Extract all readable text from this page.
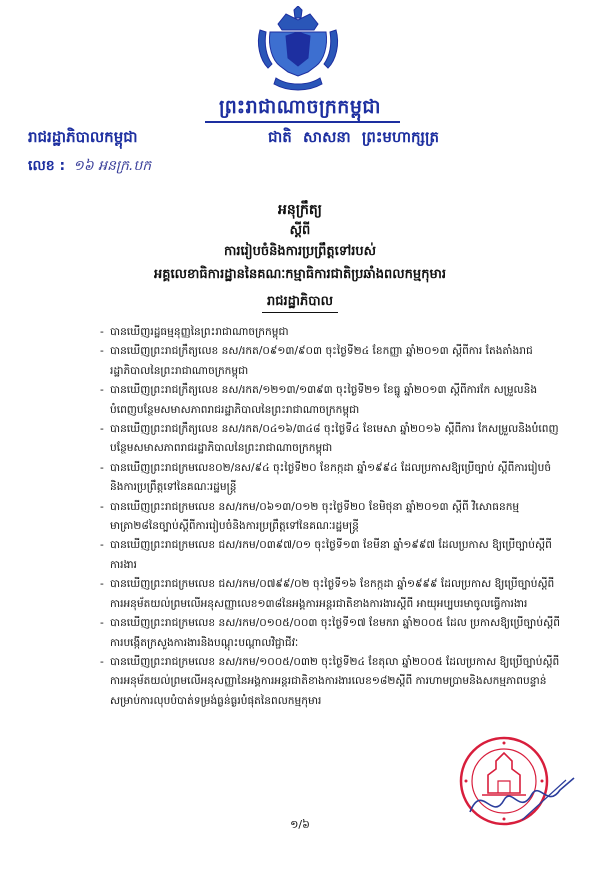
ព្រះរាជាណាចក្រកម្ពុជា
រាជរដ្ឋាភិបាលកម្ពុជា	ជាតិ សាសនា ព្រះមហាក្សត្រ
លេខ : ១៦ អនក្រ.បក
អនុក្រឹត្យ
ស្ដីពី
ការរៀបចំនិងការប្រព្រឹត្តទៅរបស់
អគ្គលេខាធិការដ្ឋាននៃគណៈកម្មាធិការជាតិប្រឆាំងពលកម្មកុមារ
រាជរដ្ឋាភិបាល
- បានឃើញរដ្ឋធម្មនុញ្ញនៃព្រះរាជាណាចក្រកម្ពុជា
- បានឃើញព្រះរាជក្រឹត្យលេខ នស/រកត/០៩១៣/៩០៣ ចុះថ្ងៃទី២៤ ខែកញ្ញា ឆ្នាំ២០១៣ ស្ដីពីការ តែងតាំងរាជរដ្ឋាភិបាលនៃព្រះរាជាណាចក្រកម្ពុជា
- បានឃើញព្រះរាជក្រឹត្យលេខ នស/រកត/១២១៣/១៣៩៣ ចុះថ្ងៃទី២១ ខែធ្នូ ឆ្នាំ២០១៣ ស្ដីពីការកែ សម្រួលនិងបំពេញបន្ថែមសមាសភាពរាជរដ្ឋាភិបាលនៃព្រះរាជាណាចក្រកម្ពុជា
- បានឃើញព្រះរាជក្រឹត្យលេខ នស/រកត/០៤១៦/៣៤៨ ចុះថ្ងៃទី៤ ខែមេសា ឆ្នាំ២០១៦ ស្ដីពីការ កែសម្រួលនិងបំពេញបន្ថែមសមាសភាពរាជរដ្ឋាភិបាលនៃព្រះរាជាណាចក្រកម្ពុជា
- បានឃើញព្រះរាជក្រមលេខ០២/នស/៩៤ ចុះថ្ងៃទី២០ ខែកក្កដា ឆ្នាំ១៩៩៤ ដែលប្រកាសឱ្យប្រើច្បាប់ ស្ដីពីការរៀបចំនិងការប្រព្រឹត្តទៅនៃគណៈរដ្ឋមន្ត្រី
- បានឃើញព្រះរាជក្រមលេខ នស/រកម/០៦១៣/០១២ ចុះថ្ងៃទី២០ ខែមិថុនា ឆ្នាំ២០១៣ ស្ដីពី វិសោធនកម្មមាត្រា២៨នៃច្បាប់ស្ដីពីការរៀបចំនិងការប្រព្រឹត្តទៅនៃគណៈរដ្ឋមន្ត្រី
- បានឃើញព្រះរាជក្រមលេខ ជស/រកម/០៣៩៧/០១ ចុះថ្ងៃទី១៣ ខែមីនា ឆ្នាំ១៩៩៧ ដែលប្រកាស ឱ្យប្រើច្បាប់ស្ដីពីការងារ
- បានឃើញព្រះរាជក្រមលេខ ជស/រកម/០៧៩៩/០២ ចុះថ្ងៃទី១៦ ខែកក្កដា ឆ្នាំ១៩៩៩ ដែលប្រកាស ឱ្យប្រើច្បាប់ស្ដីពីការអនុម័តយល់ព្រមលើអនុសញ្ញាលេខ១៣៨នៃអង្គការអន្តរជាតិខាងការងារស្ដីពី អាយុអប្បបរមាចូលធ្វើការងារ
- បានឃើញព្រះរាជក្រមលេខ នស/រកម/០១០៥/០០៣ ចុះថ្ងៃទី១៧ ខែមករា ឆ្នាំ២០០៥ ដែល ប្រកាសឱ្យប្រើច្បាប់ស្ដីពីការបង្កើតក្រសួងការងារនិងបណ្ដុះបណ្ដាលវិជ្ជាជីវៈ
- បានឃើញព្រះរាជក្រមលេខ នស/រកម/១០០៥/០៣២ ចុះថ្ងៃទី២៤ ខែតុលា ឆ្នាំ២០០៥ ដែលប្រកាស ឱ្យប្រើច្បាប់ស្ដីពីការអនុម័តយល់ព្រមលើអនុសញ្ញានៃអង្គការអន្តរជាតិខាងការងារលេខ១៨២ស្ដីពី ការហាមប្រាមនិងសកម្មភាពបន្ទាន់សម្រាប់ការលុបបំបាត់ទម្រង់ធ្ងន់ធ្ងរបំផុតនៃពលកម្មកុមារ
១/៦
